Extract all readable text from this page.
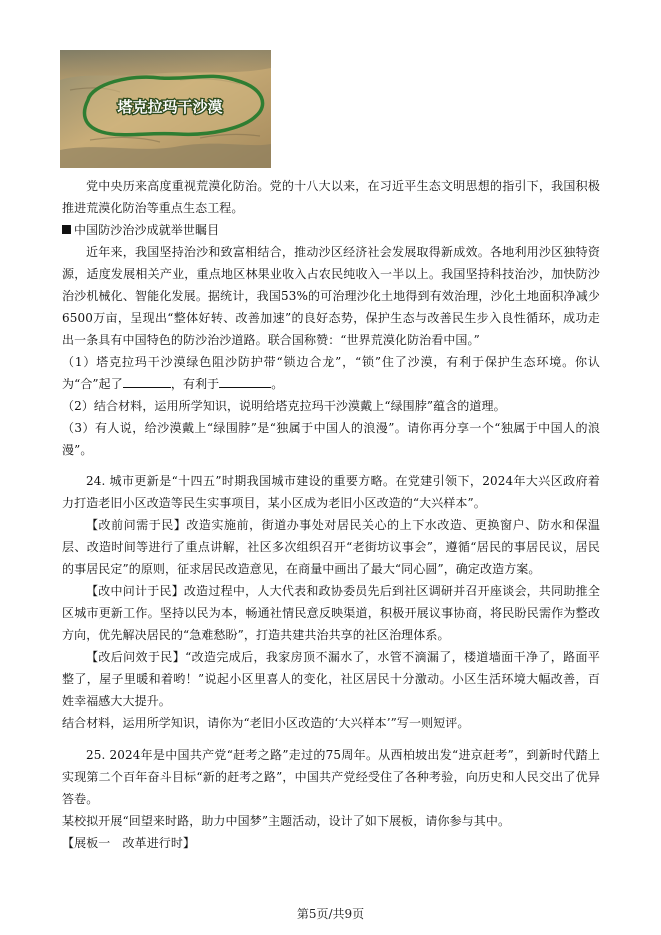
塔克拉玛干沙漠

党中央历来高度重视荒漠化防治。党的十八大以来，在习近平生态文明思想的指引下，我国积极推进荒漠化防治等重点生态工程。

中国防沙治沙成就举世瞩目

近年来，我国坚持治沙和致富相结合，推动沙区经济社会发展取得新成效。各地利用沙区独特资源，适度发展相关产业，重点地区林果业收入占农民纯收入一半以上。我国坚持科技治沙，加快防沙治沙机械化、智能化发展。据统计，我国53%的可治理沙化土地得到有效治理，沙化土地面积净减少6500万亩，呈现出“整体好转、改善加速”的良好态势，保护生态与改善民生步入良性循环，成功走出一条具有中国特色的防沙治沙道路。联合国称赞：“世界荒漠化防治看中国。”

（1）塔克拉玛干沙漠绿色阻沙防护带“锁边合龙”，“锁”住了沙漠，有利于保护生态环境。你认为“合”起了	，有利于	。

（2）结合材料，运用所学知识，说明给塔克拉玛干沙漠戴上“绿围脖”蕴含的道理。

（3）有人说，给沙漠戴上“绿围脖”是“独属于中国人的浪漫”。请你再分享一个“独属于中国人的浪漫”。

24. 城市更新是“十四五”时期我国城市建设的重要方略。在党建引领下，2024年大兴区政府着力打造老旧小区改造等民生实事项目，某小区成为老旧小区改造的“大兴样本”。

【改前问需于民】改造实施前，街道办事处对居民关心的上下水改造、更换窗户、防水和保温层、改造时间等进行了重点讲解，社区多次组织召开“老街坊议事会”，遵循“居民的事居民议，居民的事居民定”的原则，征求居民改造意见，在商量中画出了最大“同心圆”，确定改造方案。

【改中问计于民】改造过程中，人大代表和政协委员先后到社区调研并召开座谈会，共同助推全区城市更新工作。坚持以民为本，畅通社情民意反映渠道，积极开展议事协商，将民盼民需作为整改方向，优先解决居民的“急难愁盼”，打造共建共治共享的社区治理体系。

【改后问效于民】“改造完成后，我家房顶不漏水了，水管不滴漏了，楼道墙面干净了，路面平整了，屋子里暖和着哟！”说起小区里喜人的变化，社区居民十分激动。小区生活环境大幅改善，百姓幸福感大大提升。

结合材料，运用所学知识，请你为“老旧小区改造的‘大兴样本’”写一则短评。

25. 2024年是中国共产党“赶考之路”走过的75周年。从西柏坡出发“进京赶考”，到新时代踏上实现第二个百年奋斗目标“新的赶考之路”，中国共产党经受住了各种考验，向历史和人民交出了优异答卷。

某校拟开展“回望来时路，助力中国梦”主题活动，设计了如下展板，请你参与其中。

【展板一　改革进行时】

第5页/共9页
